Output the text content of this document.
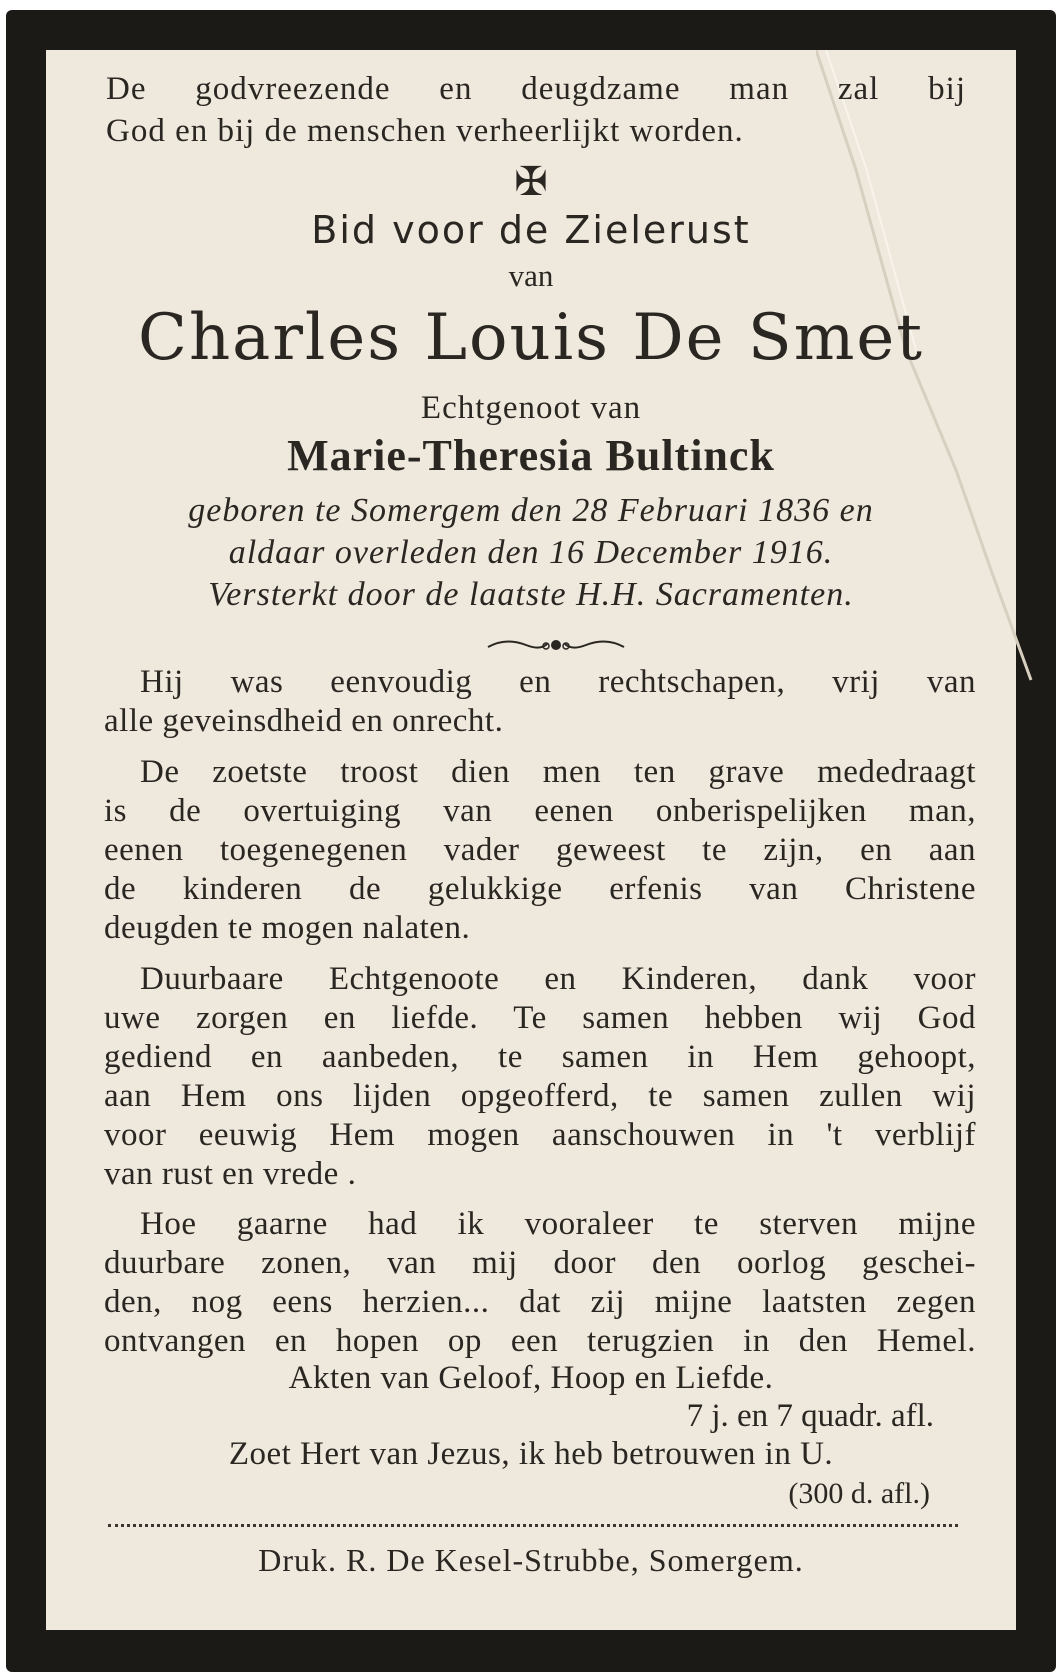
De godvreezende en deugdzame man zal bij

God en bij de menschen verheerlijkt worden.

✠
Bid voor de Zielerust
van
Charles Louis De Smet
Echtgenoot van
Marie-Theresia Bultinck

geboren te Somergem den 28 Februari 1836 en

aldaar overleden den 16 December 1916.

Versterkt door de laatste H.H. Sacramenten.

Hij was eenvoudig en rechtschapen, vrij van

alle geveinsdheid en onrecht.

De zoetste troost dien men ten grave mededraagt

is de overtuiging van eenen onberispelijken man,

eenen toegenegenen vader geweest te zijn, en aan

de kinderen de gelukkige erfenis van Christene

deugden te mogen nalaten.

Duurbaare Echtgenoote en Kinderen, dank voor

uwe zorgen en liefde. Te samen hebben wij God

gediend en aanbeden, te samen in Hem gehoopt,

aan Hem ons lijden opgeofferd, te samen zullen wij

voor eeuwig Hem mogen aanschouwen in 't verblijf

van rust en vrede .

Hoe gaarne had ik vooraleer te sterven mijne

duurbare zonen, van mij door den oorlog geschei-

den, nog eens herzien... dat zij mijne laatsten zegen

ontvangen en hopen op een terugzien in den Hemel.

Akten van Geloof, Hoop en Liefde.
7 j. en 7 quadr. afl.
Zoet Hert van Jezus, ik heb betrouwen in U.
(300 d. afl.)
Druk. R. De Kesel-Strubbe, Somergem.
